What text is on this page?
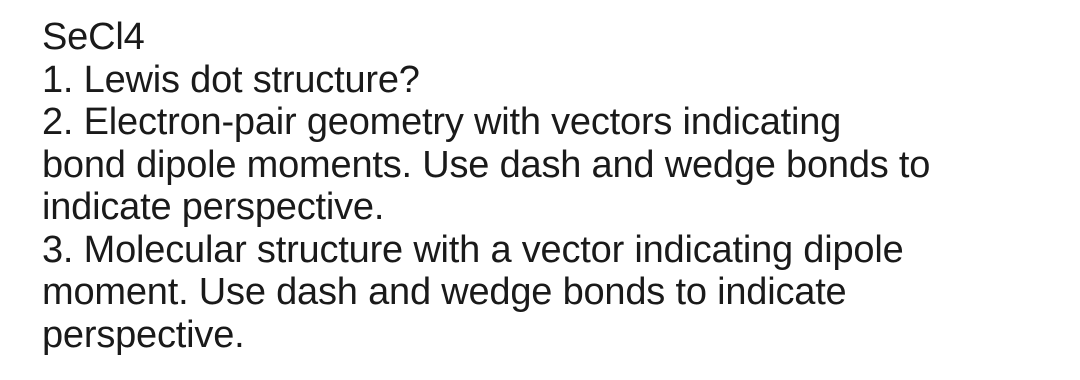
SeCl4
1. Lewis dot structure?
2. Electron-pair geometry with vectors indicating
bond dipole moments. Use dash and wedge bonds to
indicate perspective.
3. Molecular structure with a vector indicating dipole
moment. Use dash and wedge bonds to indicate
perspective.
